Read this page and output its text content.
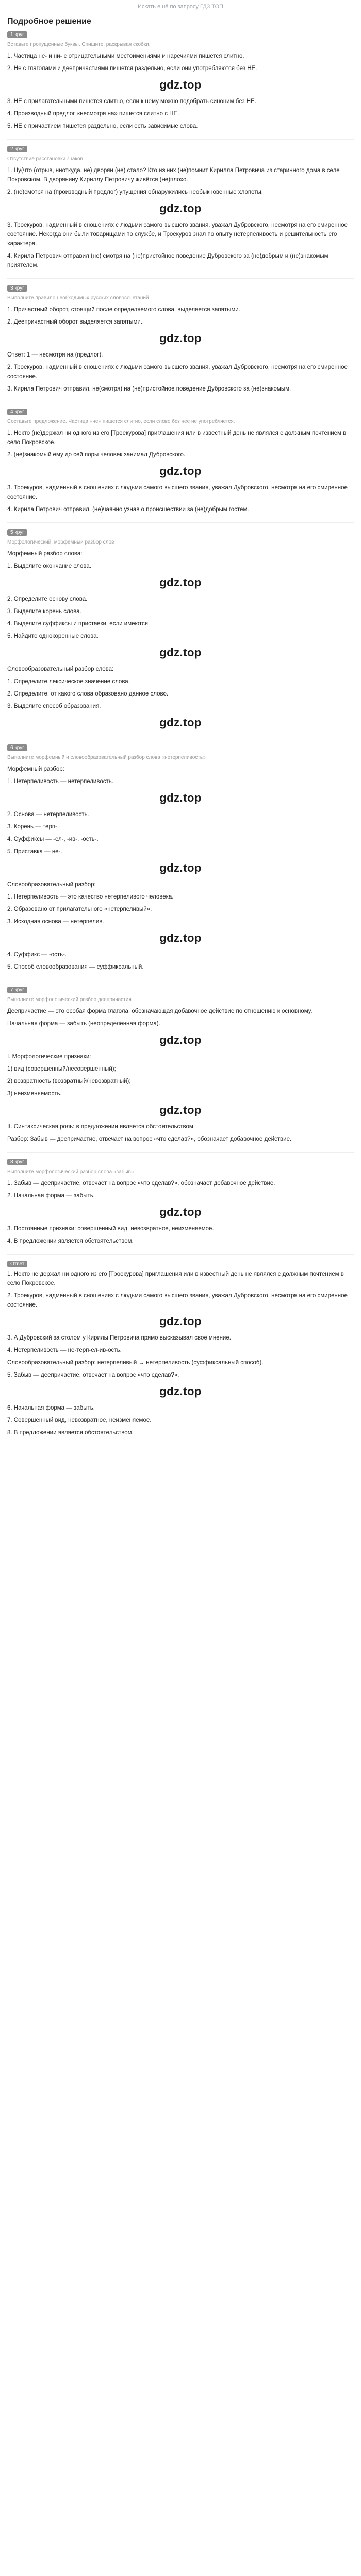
Искать ещё по запросу ГДЗ ТОП
Подробное решение
1 круг
Вставьте пропущенные буквы. Спишите, раскрывая скобки.
1. Частица не- и ни- с отрицательными местоимениями и наречиями пишется слитно.
2. Не с глаголами и деепричастиями пишется раздельно, если они употребляются без НЕ.
gdz.top
3. НЕ с прилагательными пишется слитно, если к нему можно подобрать синоним без НЕ.
4. Производный предлог «несмотря на» пишется слитно с НЕ.
5. НЕ с причастием пишется раздельно, если есть зависимые слова.
2 круг
Отсутствие расстановки знаков
1. Ну(что (отрыв, ниоткуда, не) дворян (не) стало? Кто из них (не)помнит Кирилла Петровича из старинного дома в селе Покровском. В дворянину Кириллу Петровичу живётся (не)плохо.
2. (не)смотря на (производный предлог) упущения обнаружились необыкновенные хлопоты.
gdz.top
3. Троекуров, надменный в сношениях с людьми самого высшего звания, уважал Дубровского, несмотря на его смиренное состояние. Некогда они были товарищами по службе, и Троекуров знал по опыту нетерпеливость и решительность его характера.
4. Кирила Петрович отправил (не) смотря на (не)пристойное поведение Дубровского за (не)добрым и (не)знакомым приятелем.
3 круг
Выполните правило необходимых русских словосочетаний
1. Причастный оборот, стоящий после определяемого слова, выделяется запятыми.
2. Деепричастный оборот выделяется запятыми.
gdz.top
Ответ: 1 — несмотря на (предлог).
2. Троекуров, надменный в сношениях с людьми самого высшего звания, уважал Дубровского, несмотря на его смиренное состояние.
3. Кирила Петрович отправил, не(смотря) на (не)пристойное поведение Дубровского за (не)знакомым.
4 круг
Составьте предложение. Частица «не» пишется слитно, если слово без неё не употребляется.
1. Некто (не)держал ни одного из его [Троекурова] приглашения или в известный день не являлся с должным почтением в село Покровское.
2. (не)знакомый ему до сей поры человек занимал Дубровского.
gdz.top
3. Троекуров, надменный в сношениях с людьми самого высшего звания, уважал Дубровского, несмотря на его смиренное состояние.
4. Кирила Петрович отправил, (не)чаянно узнав о происшествии за (не)добрым гостем.
5 круг
Морфологический, морфемный разбор слов
Морфемный разбор слова:
1. Выделите окончание слова.
gdz.top
2. Определите основу слова.
3. Выделите корень слова.
4. Выделите суффиксы и приставки, если имеются.
5. Найдите однокоренные слова.
gdz.top
Словообразовательный разбор слова:
1. Определите лексическое значение слова.
2. Определите, от какого слова образовано данное слово.
3. Выделите способ образования.
gdz.top
6 круг
Выполните морфемный и словообразовательный разбор слова «нетерпеливость»
Морфемный разбор:
1. Нетерпеливость — нетерпеливость.
gdz.top
2. Основа — нетерпеливость.
3. Корень — терп-.
4. Суффиксы — -ел-, -ив-, -ость-.
5. Приставка — не-.
gdz.top
Словообразовательный разбор:
1. Нетерпеливость — это качество нетерпеливого человека.
2. Образовано от прилагательного «нетерпеливый».
3. Исходная основа — нетерпелив.
gdz.top
4. Суффикс — -ость-.
5. Способ словообразования — суффиксальный.
7 круг
Выполните морфологический разбор деепричастия
Деепричастие — это особая форма глагола, обозначающая добавочное действие по отношению к основному.
Начальная форма — забыть (неопределённая форма).
gdz.top
I. Морфологические признаки:
1) вид (совершенный/несовершенный);
2) возвратность (возвратный/невозвратный);
3) неизменяемость.
gdz.top
II. Синтаксическая роль: в предложении является обстоятельством.
Разбор: Забыв — деепричастие, отвечает на вопрос «что сделав?», обозначает добавочное действие.
8 круг
Выполните морфологический разбор слова «забыв»
1. Забыв — деепричастие, отвечает на вопрос «что сделав?», обозначает добавочное действие.
2. Начальная форма — забыть.
gdz.top
3. Постоянные признаки: совершенный вид, невозвратное, неизменяемое.
4. В предложении является обстоятельством.
Ответ
1. Некто не держал ни одного из его [Троекурова] приглашения или в известный день не являлся с должным почтением в село Покровское.
2. Троекуров, надменный в сношениях с людьми самого высшего звания, уважал Дубровского, несмотря на его смиренное состояние.
gdz.top
3. А Дубровский за столом у Кирилы Петровича прямо высказывал своё мнение.
4. Нетерпеливость — не-терп-ел-ив-ость.
Словообразовательный разбор: нетерпеливый → нетерпеливость (суффиксальный способ).
5. Забыв — деепричастие, отвечает на вопрос «что сделав?».
gdz.top
6. Начальная форма — забыть.
7. Совершенный вид, невозвратное, неизменяемое.
8. В предложении является обстоятельством.
